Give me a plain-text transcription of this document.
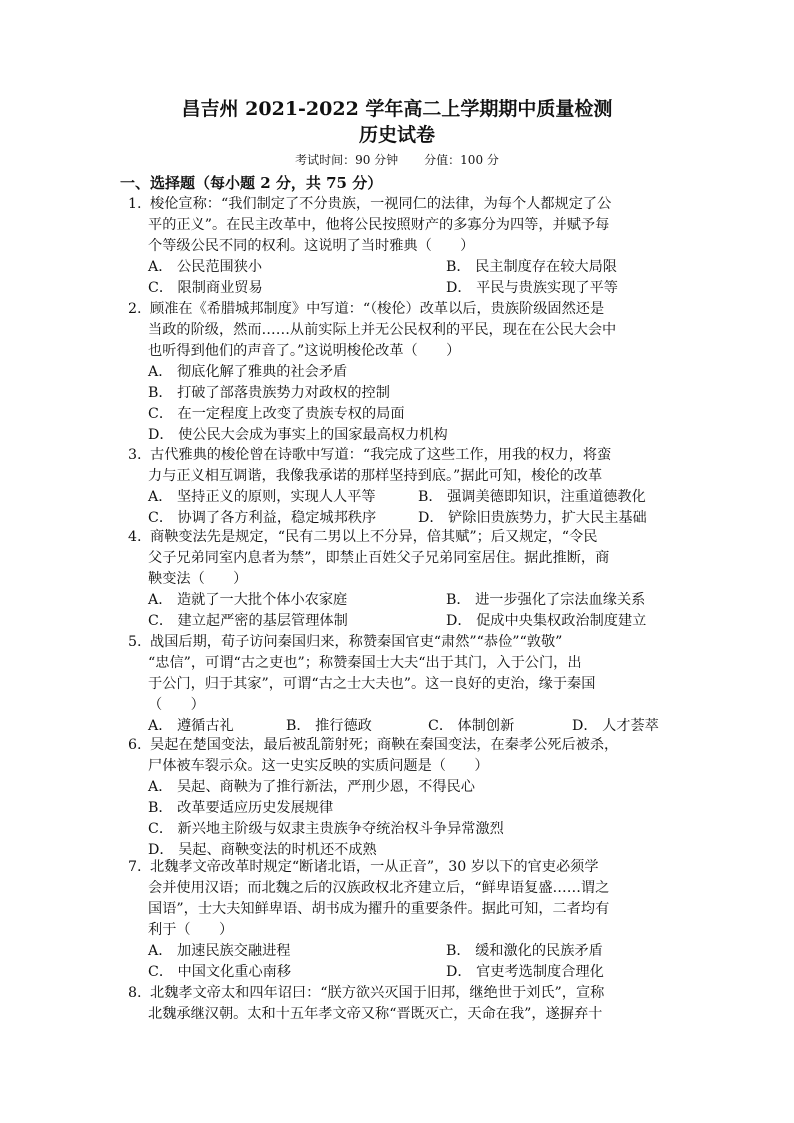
昌吉州 2021-2022 学年高二上学期期中质量检测
历史试卷
考试时间：90 分钟 分值：100 分
一、选择题（每小题 2 分，共 75 分）
1. 梭伦宣称：“我们制定了不分贵族，一视同仁的法律，为每个人都规定了公
平的正义”。在民主改革中，他将公民按照财产的多寡分为四等，并赋予每
个等级公民不同的权利。这说明了当时雅典（　　）
A． 公民范围狭小	B． 民主制度存在较大局限
C． 限制商业贸易	D． 平民与贵族实现了平等
2. 顾准在《希腊城邦制度》中写道：“（梭伦）改革以后，贵族阶级固然还是
当政的阶级，然而……从前实际上并无公民权利的平民，现在在公民大会中
也听得到他们的声音了。”这说明梭伦改革（　　）
A． 彻底化解了雅典的社会矛盾
B． 打破了部落贵族势力对政权的控制
C． 在一定程度上改变了贵族专权的局面
D． 使公民大会成为事实上的国家最高权力机构
3. 古代雅典的梭伦曾在诗歌中写道：“我完成了这些工作，用我的权力，将蛮
力与正义相互调谐，我像我承诺的那样坚持到底。”据此可知，梭伦的改革
A． 坚持正义的原则，实现人人平等	B． 强调美德即知识，注重道德教化
C． 协调了各方利益，稳定城邦秩序	D． 铲除旧贵族势力，扩大民主基础
4. 商鞅变法先是规定，“民有二男以上不分异，倍其赋”；后又规定，“令民
父子兄弟同室内息者为禁”，即禁止百姓父子兄弟同室居住。据此推断，商
鞅变法（　　）
A． 造就了一大批个体小农家庭	B． 进一步强化了宗法血缘关系
C． 建立起严密的基层管理体制	D． 促成中央集权政治制度建立
5. 战国后期，荀子访问秦国归来，称赞秦国官吏“肃然”“恭俭”“敦敬”
“忠信”，可谓“古之吏也”；称赞秦国士大夫“出于其门，入于公门，出
于公门，归于其家”，可谓“古之士大夫也”。这一良好的吏治，缘于秦国
（　　）
A． 遵循古礼	B． 推行德政	C． 体制创新	D． 人才荟萃
6. 吴起在楚国变法，最后被乱箭射死；商鞅在秦国变法，在秦孝公死后被杀，
尸体被车裂示众。这一史实反映的实质问题是（　　）
A． 吴起、商鞅为了推行新法，严刑少恩，不得民心
B． 改革要适应历史发展规律
C． 新兴地主阶级与奴隶主贵族争夺统治权斗争异常激烈
D． 吴起、商鞅变法的时机还不成熟
7. 北魏孝文帝改革时规定“断诸北语，一从正音”，30 岁以下的官吏必须学
会并使用汉语；而北魏之后的汉族政权北齐建立后，“鲜卑语复盛……谓之
国语”，士大夫知鲜卑语、胡书成为擢升的重要条件。据此可知，二者均有
利于（　　）
A． 加速民族交融进程	B． 缓和激化的民族矛盾
C． 中国文化重心南移	D． 官吏考选制度合理化
8. 北魏孝文帝太和四年诏曰：“朕方欲兴灭国于旧邦，继绝世于刘氏”，宣称
北魏承继汉朝。太和十五年孝文帝又称“晋既灭亡，天命在我”，遂摒弃十
